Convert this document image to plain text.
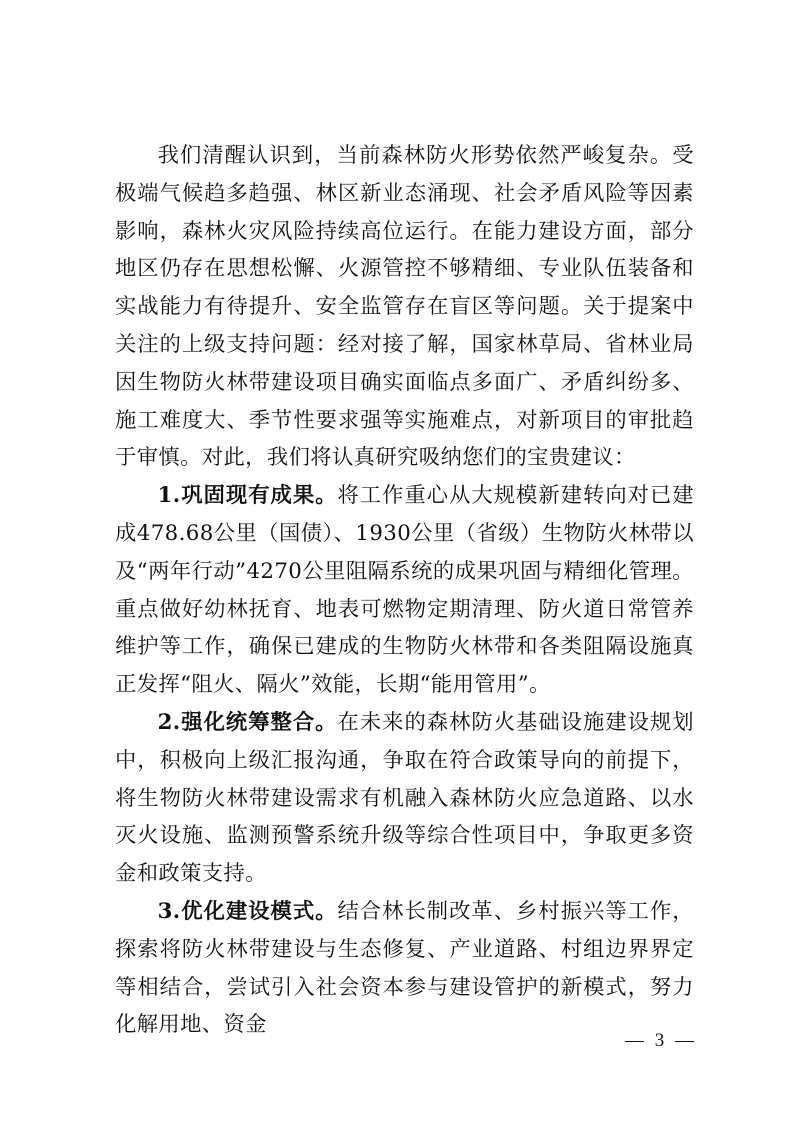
我们清醒认识到，当前森林防火形势依然严峻复杂。受极端气候趋多趋强、林区新业态涌现、社会矛盾风险等因素影响，森林火灾风险持续高位运行。在能力建设方面，部分地区仍存在思想松懈、火源管控不够精细、专业队伍装备和实战能力有待提升、安全监管存在盲区等问题。关于提案中关注的上级支持问题：经对接了解，国家林草局、省林业局因生物防火林带建设项目确实面临点多面广、矛盾纠纷多、施工难度大、季节性要求强等实施难点，对新项目的审批趋于审慎。对此，我们将认真研究吸纳您们的宝贵建议：

1.巩固现有成果。将工作重心从大规模新建转向对已建成478.68公里（国债）、1930公里（省级）生物防火林带以及“两年行动”4270公里阻隔系统的成果巩固与精细化管理。重点做好幼林抚育、地表可燃物定期清理、防火道日常管养维护等工作，确保已建成的生物防火林带和各类阻隔设施真正发挥“阻火、隔火”效能，长期“能用管用”。

2.强化统筹整合。在未来的森林防火基础设施建设规划中，积极向上级汇报沟通，争取在符合政策导向的前提下，将生物防火林带建设需求有机融入森林防火应急道路、以水灭火设施、监测预警系统升级等综合性项目中，争取更多资金和政策支持。

3.优化建设模式。结合林长制改革、乡村振兴等工作，探索将防火林带建设与生态修复、产业道路、村组边界界定等相结合，尝试引入社会资本参与建设管护的新模式，努力化解用地、资金

— 3 —
